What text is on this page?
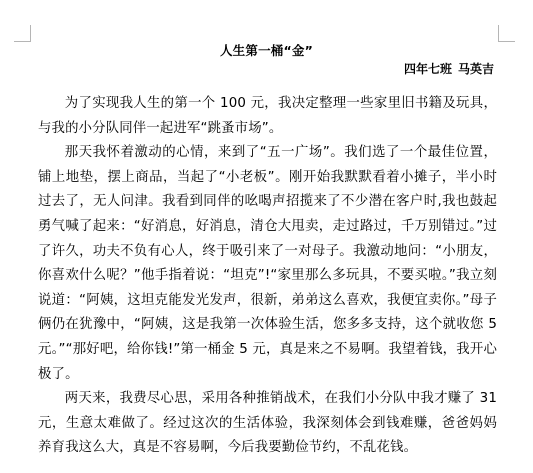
人生第一桶“金”
四年七班 马英吉

为了实现我人生的第一个 100 元，我决定整理一些家里旧书籍及玩具，与我的小分队同伴一起进军“跳蚤市场”。

那天我怀着激动的心情，来到了“五一广场”。我们选了一个最佳位置，铺上地垫，摆上商品，当起了“小老板”。刚开始我默默看着小摊子，半小时过去了，无人问津。我看到同伴的吆喝声招揽来了不少潜在客户时,我也鼓起勇气喊了起来：“好消息，好消息，清仓大甩卖，走过路过，千万别错过。”过了许久，功夫不负有心人，终于吸引来了一对母子。我激动地问：“小朋友，你喜欢什么呢？”他手指着说：“坦克”!“家里那么多玩具，不要买啦。”我立刻说道：“阿姨，这坦克能发光发声，很新，弟弟这么喜欢，我便宜卖你。”母子俩仍在犹豫中，“阿姨，这是我第一次体验生活，您多多支持，这个就收您 5 元。”“那好吧，给你钱!”第一桶金 5 元，真是来之不易啊。我望着钱，我开心极了。

两天来，我费尽心思，采用各种推销战术，在我们小分队中我才赚了 31 元，生意太难做了。经过这次的生活体验，我深刻体会到钱难赚，爸爸妈妈养育我这么大，真是不容易啊，今后我要勤俭节约，不乱花钱。
